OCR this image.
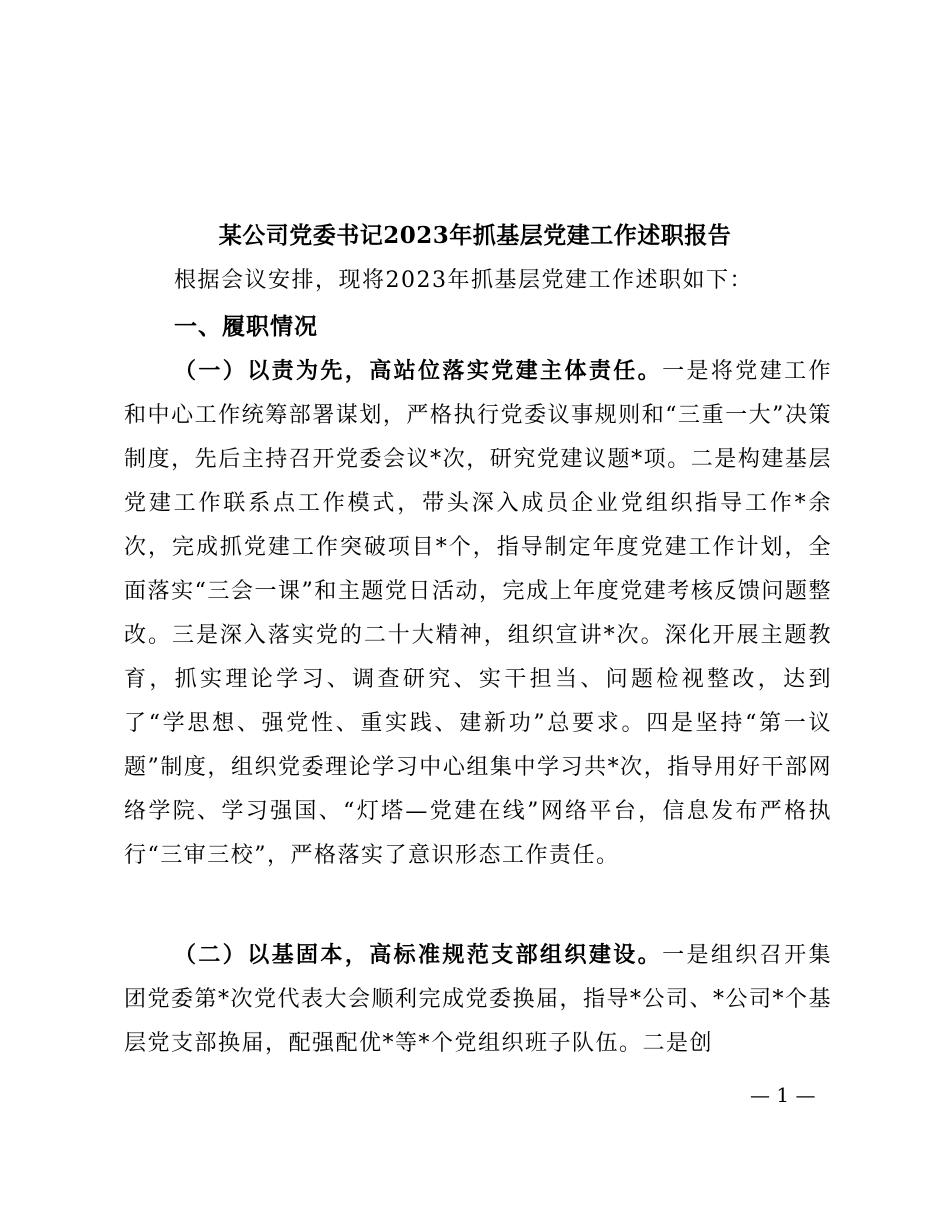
某公司党委书记2023年抓基层党建工作述职报告
根据会议安排，现将2023年抓基层党建工作述职如下：
一、履职情况
（一）以责为先，高站位落实党建主体责任。一是将党建工作和中心工作统筹部署谋划，严格执行党委议事规则和“三重一大”决策制度，先后主持召开党委会议*次，研究党建议题*项。二是构建基层党建工作联系点工作模式，带头深入成员企业党组织指导工作*余次，完成抓党建工作突破项目*个，指导制定年度党建工作计划，全面落实“三会一课”和主题党日活动，完成上年度党建考核反馈问题整改。三是深入落实党的二十大精神，组织宣讲*次。深化开展主题教育，抓实理论学习、调查研究、实干担当、问题检视整改，达到了“学思想、强党性、重实践、建新功”总要求。四是坚持“第一议题”制度，组织党委理论学习中心组集中学习共*次，指导用好干部网络学院、学习强国、“灯塔—党建在线”网络平台，信息发布严格执行“三审三校”，严格落实了意识形态工作责任。
（二）以基固本，高标准规范支部组织建设。一是组织召开集团党委第*次党代表大会顺利完成党委换届，指导*公司、*公司*个基层党支部换届，配强配优*等*个党组织班子队伍。二是创
— 1 —
